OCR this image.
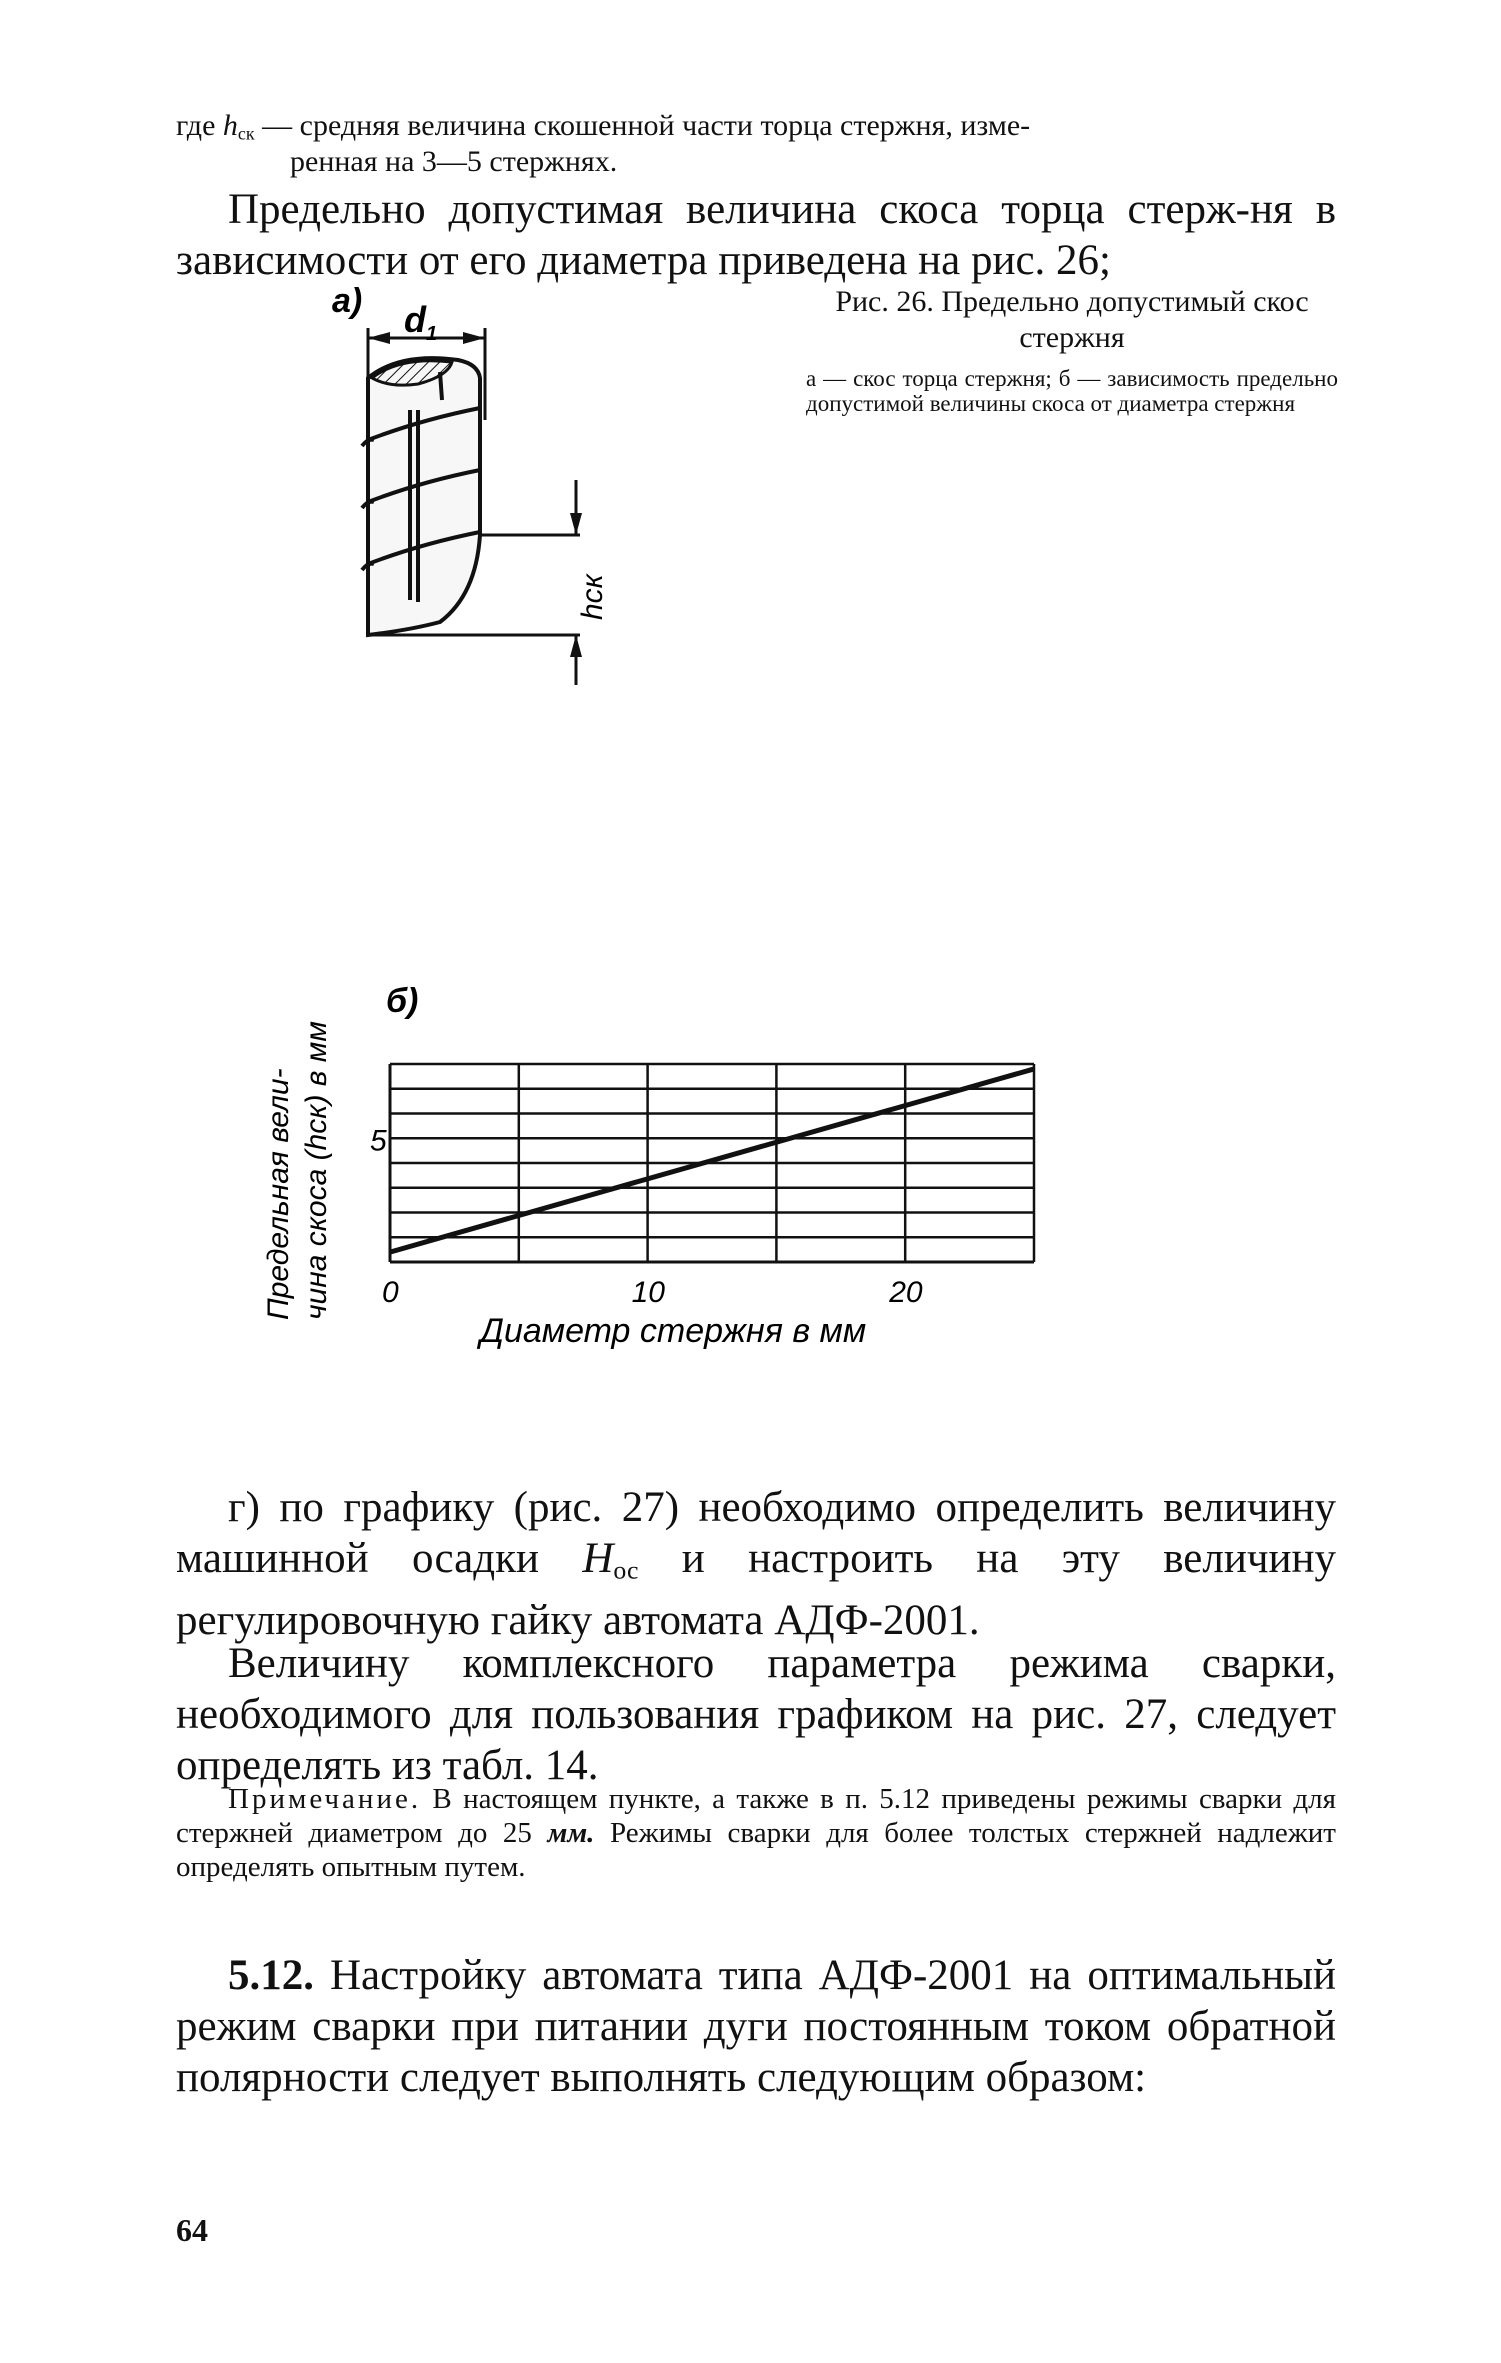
где $h_{ск}$ — средняя величина скошенной части торца стержня, изме-
ренная на 3—5 стержнях.
Предельно допустимая величина скоса торца стерж-ня в зависимости от его диаметра приведена на рис. 26;
Рис. 26. Предельно допустимый скос стержня
а — скос торца стержня; б — зависимость предельно допустимой величины скоса от диаметра стержня
а) $d_1$
hск
б)
Предельная вели- чина скоса (hск) в мм 0	10	20
5
Диаметр стержня в мм
г) по графику (рис. 27) необходимо определить величину машинной осадки $Н_{ос}$ и настроить на эту величину регулировочную гайку автомата АДФ-2001.
Величину комплексного параметра режима сварки, необходимого для пользования графиком на рис. 27, следует определять из табл. 14.
Примечание. В настоящем пункте, а также в п. 5.12 приведены режимы сварки для стержней диаметром до 25 мм. Режимы сварки для более толстых стержней надлежит определять опытным путем.
5.12. Настройку автомата типа АДФ-2001 на оптимальный режим сварки при питании дуги постоянным током обратной полярности следует выполнять следующим образом:
64
